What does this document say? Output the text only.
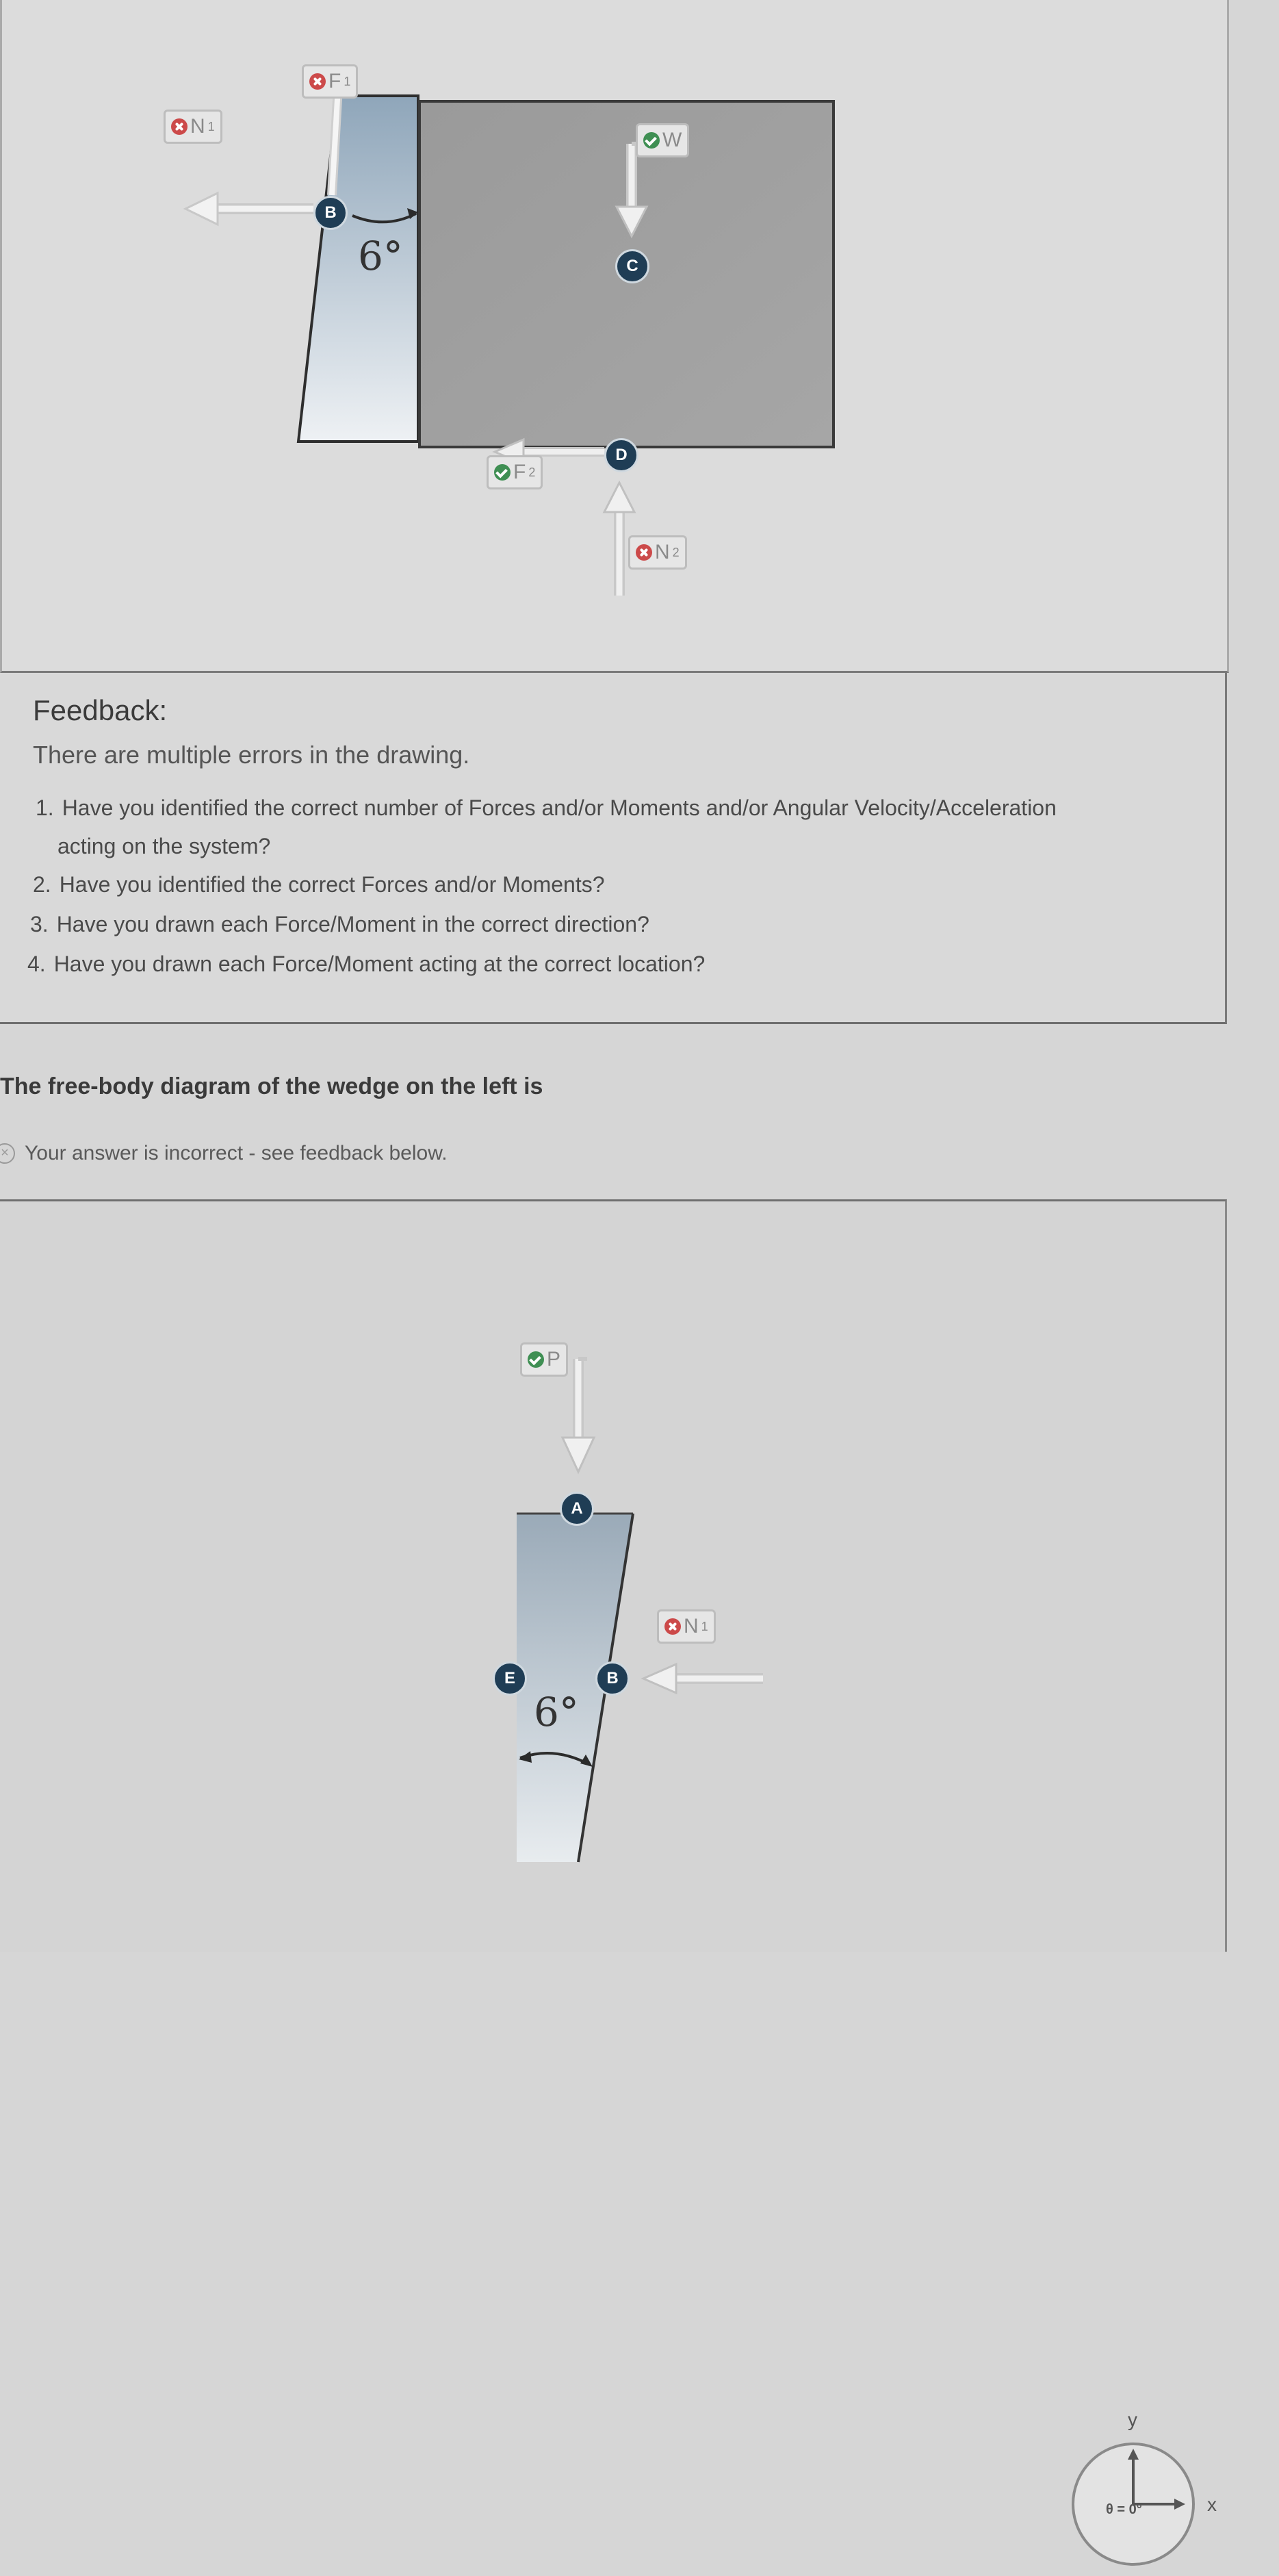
N 1
F 1
W
F 2
N 2
B
C
D
6°
Feedback:
There are multiple errors in the drawing.
1. Have you identified the correct number of Forces and/or Moments and/or Angular Velocity/Acceleration
acting on the system?
2. Have you identified the correct Forces and/or Moments?
3. Have you drawn each Force/Moment in the correct direction?
4. Have you drawn each Force/Moment acting at the correct location?
The free-body diagram of the wedge on the left is
× Your answer is incorrect - see feedback below.
P
N 1
A
E	B
6°
y
x
θ = 0°
